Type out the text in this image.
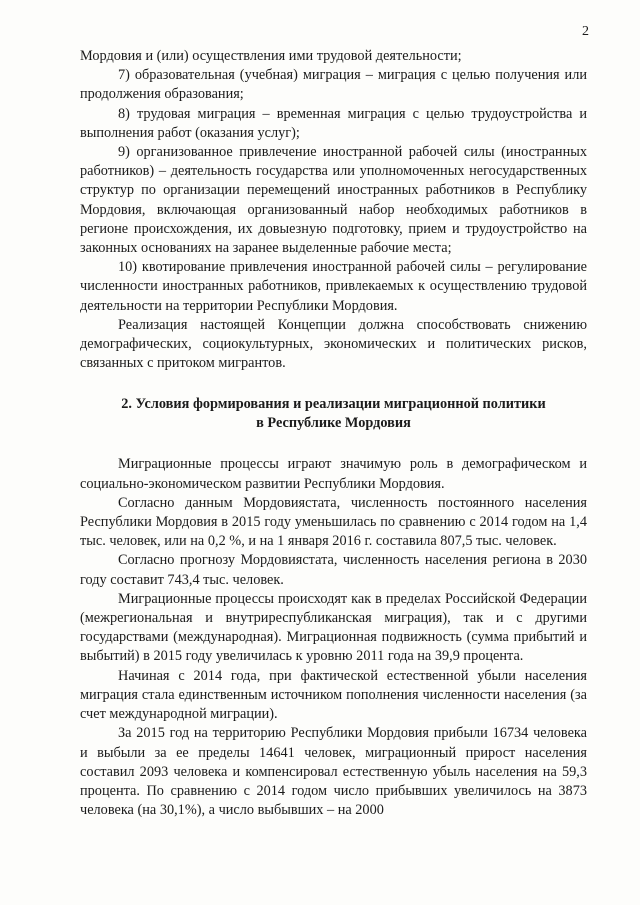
2

Мордовия и (или) осуществления ими трудовой деятельности;

7) образовательная (учебная) миграция – миграция с целью получения или продолжения образования;

8) трудовая миграция – временная миграция с целью трудоустройства и выполнения работ (оказания услуг);

9) организованное привлечение иностранной рабочей силы (иностранных работников) – деятельность государства или уполномоченных негосударственных структур по организации перемещений иностранных работников в Республику Мордовия, включающая организованный набор необходимых работников в регионе происхождения, их довыезную подготовку, прием и трудоустройство на законных основаниях на заранее выделенные рабочие места;

10) квотирование привлечения иностранной рабочей силы – регулирование численности иностранных работников, привлекаемых к осуществлению трудовой деятельности на территории Республики Мордовия.

Реализация настоящей Концепции должна способствовать снижению демографических, социокультурных, экономических и политических рисков, связанных с притоком мигрантов.

2. Условия формирования и реализации миграционной политики
в Республике Мордовия

Миграционные процессы играют значимую роль в демографическом и социально-экономическом развитии Республики Мордовия.

Согласно данным Мордовиястата, численность постоянного населения Республики Мордовия в 2015 году уменьшилась по сравнению с 2014 годом на 1,4 тыс. человек, или на 0,2 %, и на 1 января 2016 г. составила 807,5 тыс. человек.

Согласно прогнозу Мордовиястата, численность населения региона в 2030 году составит 743,4 тыс. человек.

Миграционные процессы происходят как в пределах Российской Федерации (межрегиональная и внутриреспубликанская миграция), так и с другими государствами (международная). Миграционная подвижность (сумма прибытий и выбытий) в 2015 году увеличилась к уровню 2011 года на 39,9 процента.

Начиная с 2014 года, при фактической естественной убыли населения миграция стала единственным источником пополнения численности населения (за счет международной миграции).

За 2015 год на территорию Республики Мордовия прибыли 16734 человека и выбыли за ее пределы 14641 человек, миграционный прирост населения составил 2093 человека и компенсировал естественную убыль населения на 59,3 процента. По сравнению с 2014 годом число прибывших увеличилось на 3873 человека (на 30,1%), а число выбывших – на 2000
